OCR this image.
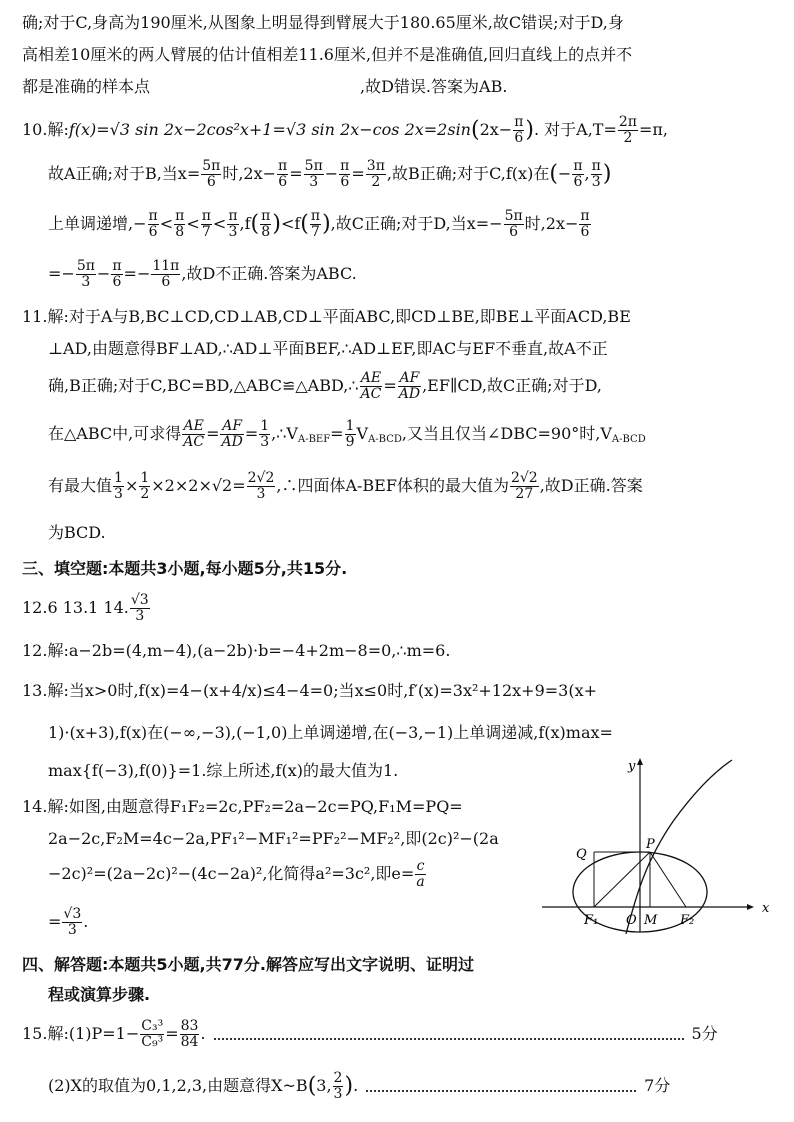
确;对于C,身高为190厘米,从图象上明显得到臂展大于180.65厘米,故C错误;对于D,身
高相差10厘米的两人臂展的估计值相差11.6厘米,但并不是准确值,回归直线上的点并不
都是准确的样本点	,故D错误.答案为AB.
10.解:f(x)=√3 sin 2x−2cos²x+1=√3 sin 2x−cos $2x=2\sin(2x- \frac{\pi}{6}$ ). 对于$A,T= \frac{2\pi}{2} =\pi$,
故A正确;对于B,当$x= \frac{5\pi}{6}$ 时$,2x- \frac{\pi}{6} = \frac{5\pi}{3} - \frac{\pi}{6} = \frac{3\pi}{2}$ ,故B正确;对于C,f(x)在(− $\frac{\pi}{6}$ , $\frac{\pi}{3}$ )
上单调递增,− $\frac{\pi}{6} < \frac{\pi}{8} < \frac{\pi}{7} < \frac{\pi}{3} ,f( \frac{\pi}{8} )<f( \frac{\pi}{7}$ ),故C正确;对于D,当$x=- \frac{5\pi}{6}$ 时$,2x- \frac{\pi}{6}$
=− $\frac{5\pi}{3} - \frac{\pi}{6} =- \frac{11\pi}{6}$ ,故D不正确.答案为ABC.
11.解:对于A与B,BC⊥CD,CD⊥AB,CD⊥平面ABC,即CD⊥BE,即BE⊥平面ACD,BE
⊥AD,由题意得BF⊥AD,∴AD⊥平面BEF,∴AD⊥EF,即AC与EF不垂直,故A不正
确,B正确;对于C,BC=BD,△ABC≌△ABD,∴ $\frac{AE}{AC} = \frac{AF}{AD}$ ,EF∥CD,故C正确;对于D,
在△ABC中,可求得 $\frac{AE}{AC} = \frac{AF}{AD} = \frac{1}{3}$ $,\therefore V_{A-BEF}= \frac{1}{9} V_{A-BCD}$,又当且仅当∠DBC=90°时$,V_{A-BCD}$
有最大值 $\frac{1}{3} \times \frac{1}{2} \times 2\times 2\times√2= \frac{2√2}{3}$ ,∴四面体A-BEF体积的最大值为 $\frac{2√2}{27}$ ,故D正确.答案
为BCD.
三、填空题:本题共3小题,每小题5分,共15分.
12.6 13.1 14. $\frac{√3}{3}$
12.解:a−2b=(4,m−4),(a−2b)·b=−4+2m−8=0,∴m=6.
13.解:当x>0时,f(x)=4−(x+4/x)≤4−4=0;当x≤0时,f′(x)=3x²+12x+9=3(x+
1)·(x+3),f(x)在(−∞,−3),(−1,0)上单调递增,在(−3,−1)上单调递减,f(x)max=
max{f(−3),f(0)}=1.综上所述,f(x)的最大值为1.
14.解:如图,由题意得F₁F₂=2c,PF₂=2a−2c=PQ,F₁M=PQ=
2a−2c,F₂M=4c−2a,PF₁²−MF₁²=PF₂²−MF₂²,即(2c)²−(2a
−2c)²=(2a−2c)²−(4c−2a)²,化简得a²=3c²,即$e= \frac{c}{a}$
= $\frac{√3}{3}$ .
y
x
P
Q
F₁ O M F₂
四、解答题:本题共5小题,共77分.解答应写出文字说明、证明过
程或演算步骤.
15.解:(1)P=1− $\frac{\text{C₃³}}{\text{C₉³}} = \frac{83}{84}$ .	5分
(2)X的取值为0,1,2,3,由题意得X~B(3, $\frac{2}{3}$ ).	7分
